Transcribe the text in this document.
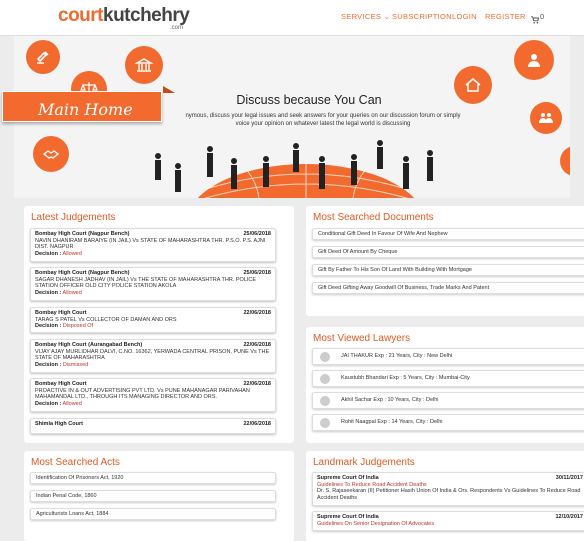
courtkutchehry
.com
SERVICES ⌄ SUBSCRIPTION LOGIN REGISTER 0
Discuss because You Can
nymous, discuss your legal issues and seek answers for your queries on our discussion forum or simply voice your opinion on whatever latest the legal world is discussing
Main Home
Latest Judgements
Bombay High Court (Nagpur Bench)	25/06/2018
NAVIN DHANIRAM BARAIYE (IN JAIL) Vs STATE OF MAHARASHTRA THR. P.S.O. P.S. AJNI DIST. NAGPUR
Decision : Allowed
Bombay High Court (Nagpur Bench)	25/06/2018
SAGAR DHANESH JADHAV (IN JAIL) Vs THE STATE OF MAHARASHTRA THR. POLICE STATION OFFICER OLD CITY POLICE STATION AKOLA
Decision : Allowed
Bombay High Court	22/06/2018
TARAG S PATEL Vs COLLECTOR OF DAMAN AND ORS
Decision : Disposed Of
Bombay High Court (Aurangabad Bench)	22/06/2018
VIJAY AJAY MURLIDHAR DALVI, C.NO. 16362, YERWADA CENTRAL PRISON, PUNE Vs THE STATE OF MAHARASHTRA
Decision : Dismissed
Bombay High Court	22/06/2018
PROACTIVE IN & OUT ADVERTISING PVT LTD. Vs PUNE MAHANAGAR PARIVAHAN MAHAMANDAL LTD., THROUGH ITS MANAGING DIRECTOR AND ORS.
Decision : Allowed
Shimla High Court	22/06/2018
Most Searched Documents
Conditional Gift Deed In Favour Of Wife And Nephew
Gift Deed Of Amount By Cheque
Gift By Father To His Son Of Land With Building With Mortgage
Gift Deed Gifting Away Goodwill Of Business, Trade Marks And Patent
Most Viewed Lawyers
JAI THAKUR Exp : 21 Years, City : New Delhi
Kaustubh Bhandari Exp : 5 Years, City : Mumbai-City
Akhil Sachar Exp : 10 Years, City : Delhi
Rohit Naagpal Exp : 14 Years, City : Delhi
Most Searched Acts
Identification Of Prisoners Act, 1920
Indian Penal Code, 1860
Agriculturists Loans Act, 1884
Landmark Judgements
Supreme Court Of India	30/11/2017
Guidelines To Reduce Road Accident Deaths
Dr. S. Rajaseekaran (II) Petitioner Hasih Union Of India & Ors. Respondents Vs Guidelines To Reduce Road Accident Deaths
Supreme Court Of India	12/10/2017
Guidelines On Senior Designation Of Advocates
